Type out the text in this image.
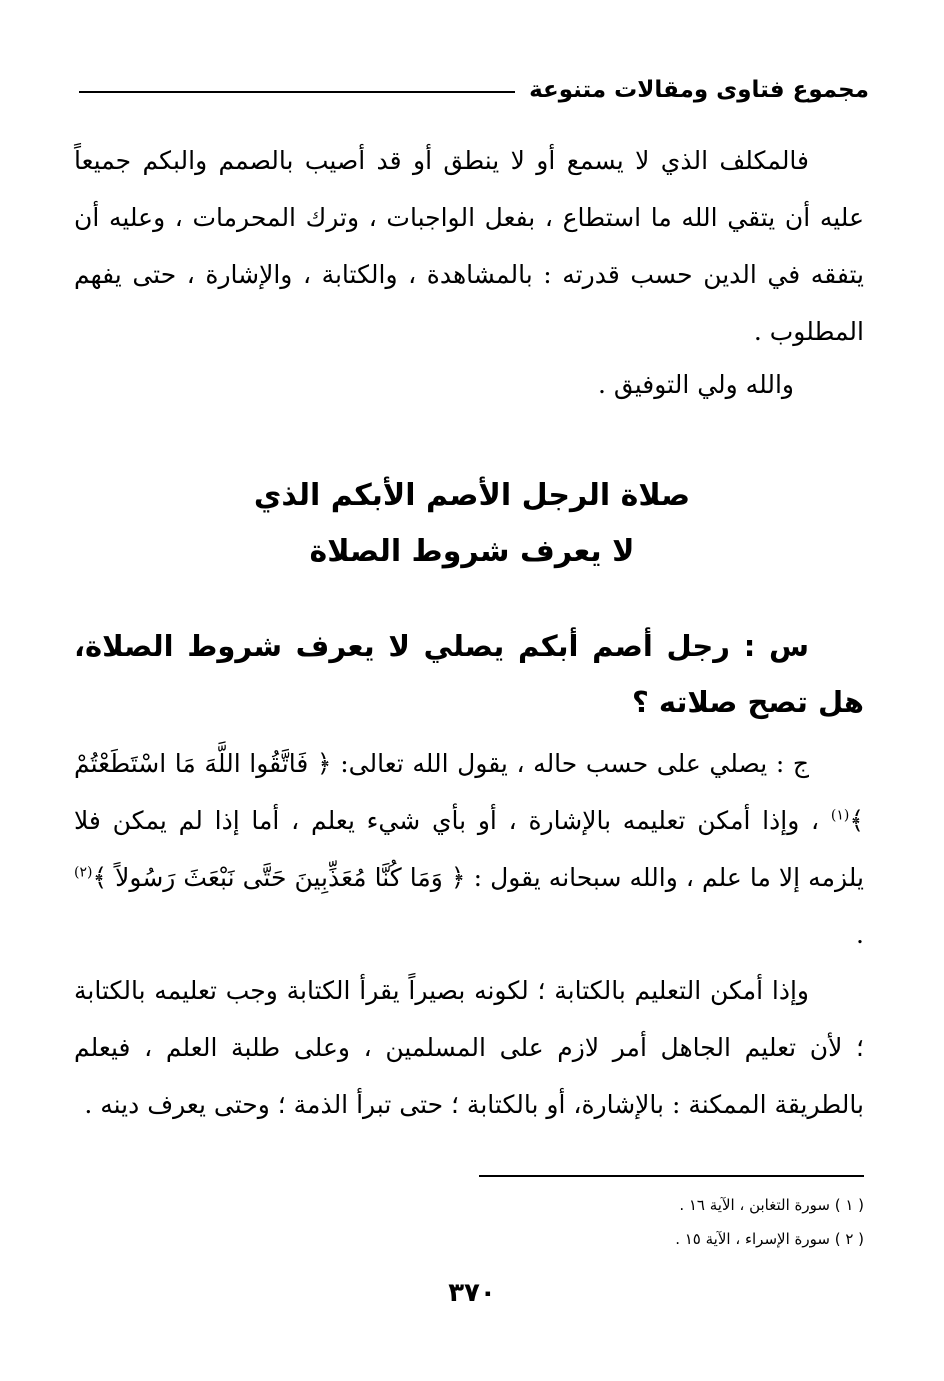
مجموع فتاوى ومقالات متنوعة
فالمكلف الذي لا يسمع أو لا ينطق أو قد أصيب بالصمم والبكم جميعاً عليه أن يتقي الله ما استطاع ، بفعل الواجبات ، وترك المحرمات ، وعليه أن يتفقه في الدين حسب قدرته : بالمشاهدة ، والكتابة ، والإشارة ، حتى يفهم المطلوب .
والله ولي التوفيق .
صلاة الرجل الأصم الأبكم الذي
لا يعرف شروط الصلاة
س : رجل أصم أبكم يصلي لا يعرف شروط الصلاة، هل تصح صلاته ؟
ج : يصلي على حسب حاله ، يقول الله تعالى: ﴿ فَاتَّقُوا اللَّهَ مَا اسْتَطَعْتُمْ ﴾$^{(١)}$ ، وإذا أمكن تعليمه بالإشارة ، أو بأي شيء يعلم ، أما إذا لم يمكن فلا يلزمه إلا ما علم ، والله سبحانه يقول : ﴿ وَمَا كُنَّا مُعَذِّبِينَ حَتَّى نَبْعَثَ رَسُولاً ﴾$^{(٢)}$ .
وإذا أمكن التعليم بالكتابة ؛ لكونه بصيراً يقرأ الكتابة وجب تعليمه بالكتابة ؛ لأن تعليم الجاهل أمر لازم على المسلمين ، وعلى طلبة العلم ، فيعلم بالطريقة الممكنة : بالإشارة، أو بالكتابة ؛ حتى تبرأ الذمة ؛ وحتى يعرف دينه .
( ١ ) سورة التغابن ، الآية ١٦ .
( ٢ ) سورة الإسراء ، الآية ١٥ .
٣٧٠
